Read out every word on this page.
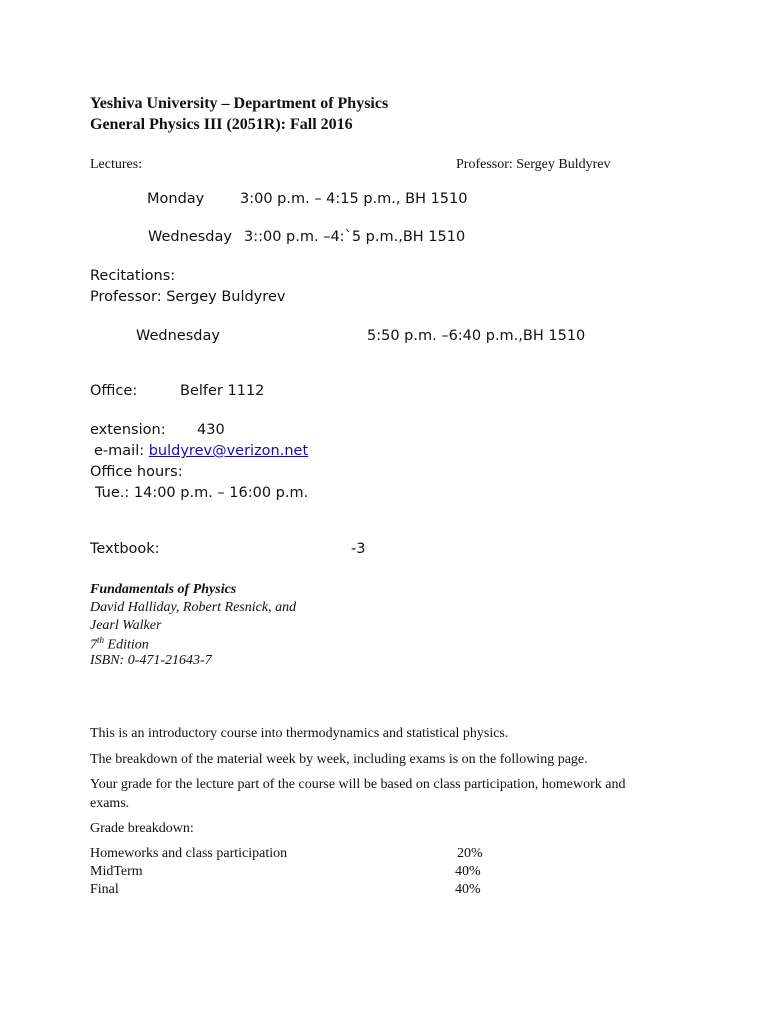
Yeshiva University – Department of Physics
General Physics III (2051R): Fall 2016
Lectures:	Professor: Sergey Buldyrev
Monday 3:00 p.m. – 4:15 p.m., BH 1510
Wednesday 3::00 p.m. –4:`5 p.m.,BH 1510
Recitations:
Professor: Sergey Buldyrev
Wednesday	5:50 p.m. –6:40 p.m.,BH 1510
Office:	Belfer 1112
extension: 430
e-mail: buldyrev@verizon.net
Office hours:
Tue.: 14:00 p.m. – 16:00 p.m.
Textbook:	-3
Fundamentals of Physics
David Halliday, Robert Resnick, and
Jearl Walker
7th Edition
ISBN: 0-471-21643-7
This is an introductory course into thermodynamics and statistical physics.
The breakdown of the material week by week, including exams is on the following page.
Your grade for the lecture part of the course will be based on class participation, homework and
exams.
Grade breakdown:
Homeworks and class participation	20%
MidTerm	40%
Final	40%
